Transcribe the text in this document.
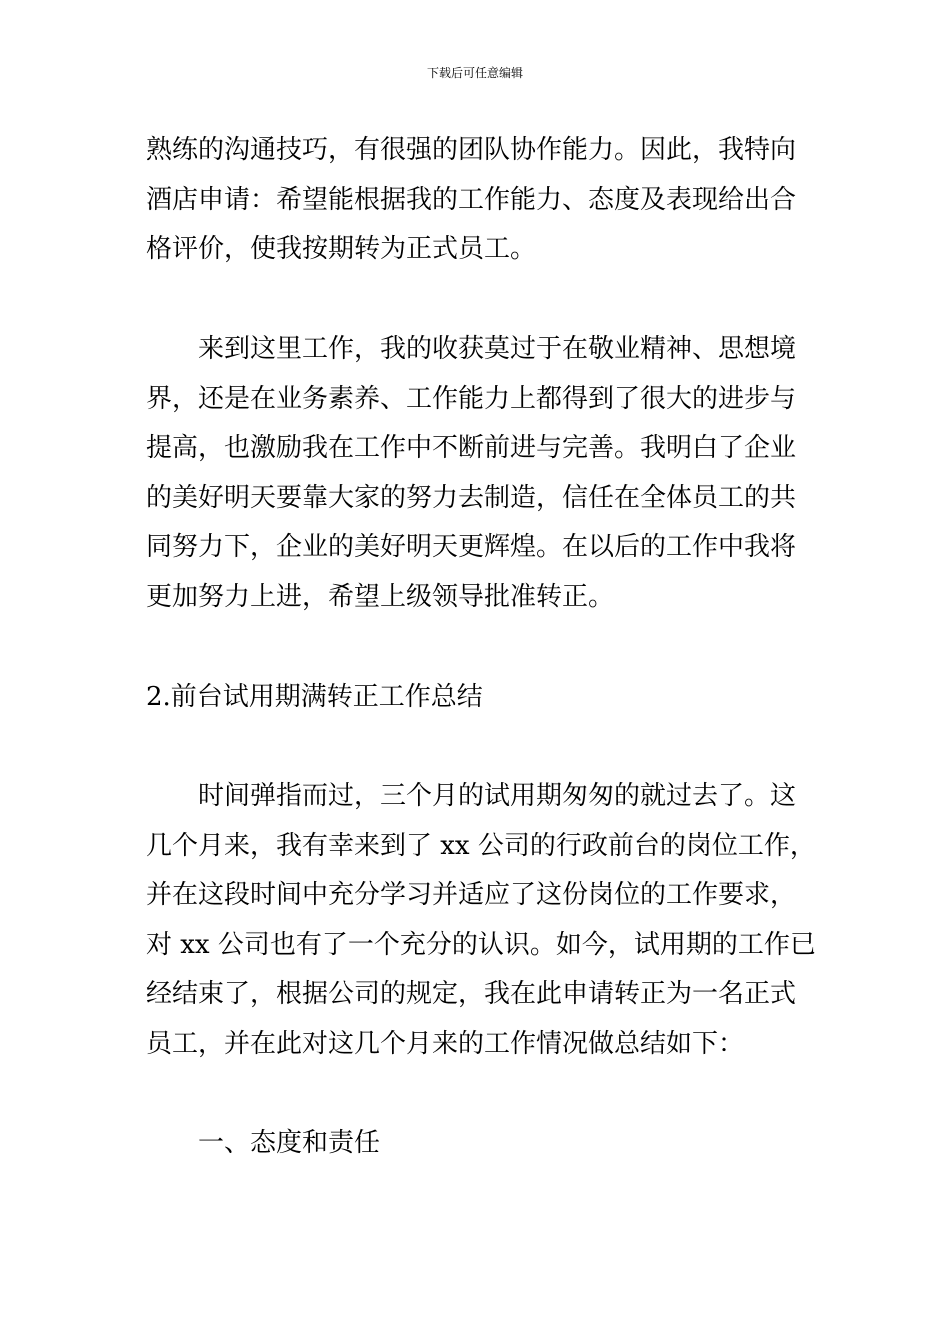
下载后可任意编辑
熟练的沟通技巧，有很强的团队协作能力。因此，我特向
酒店申请：希望能根据我的工作能力、态度及表现给出合
格评价，使我按期转为正式员工。
来到这里工作，我的收获莫过于在敬业精神、思想境
界，还是在业务素养、工作能力上都得到了很大的进步与
提高，也激励我在工作中不断前进与完善。我明白了企业
的美好明天要靠大家的努力去制造，信任在全体员工的共
同努力下，企业的美好明天更辉煌。在以后的工作中我将
更加努力上进，希望上级领导批准转正。
2.前台试用期满转正工作总结
时间弹指而过，三个月的试用期匆匆的就过去了。这
几个月来，我有幸来到了 xx 公司的行政前台的岗位工作，
并在这段时间中充分学习并适应了这份岗位的工作要求，
对 xx 公司也有了一个充分的认识。如今，试用期的工作已
经结束了，根据公司的规定，我在此申请转正为一名正式
员工，并在此对这几个月来的工作情况做总结如下：
一、态度和责任
